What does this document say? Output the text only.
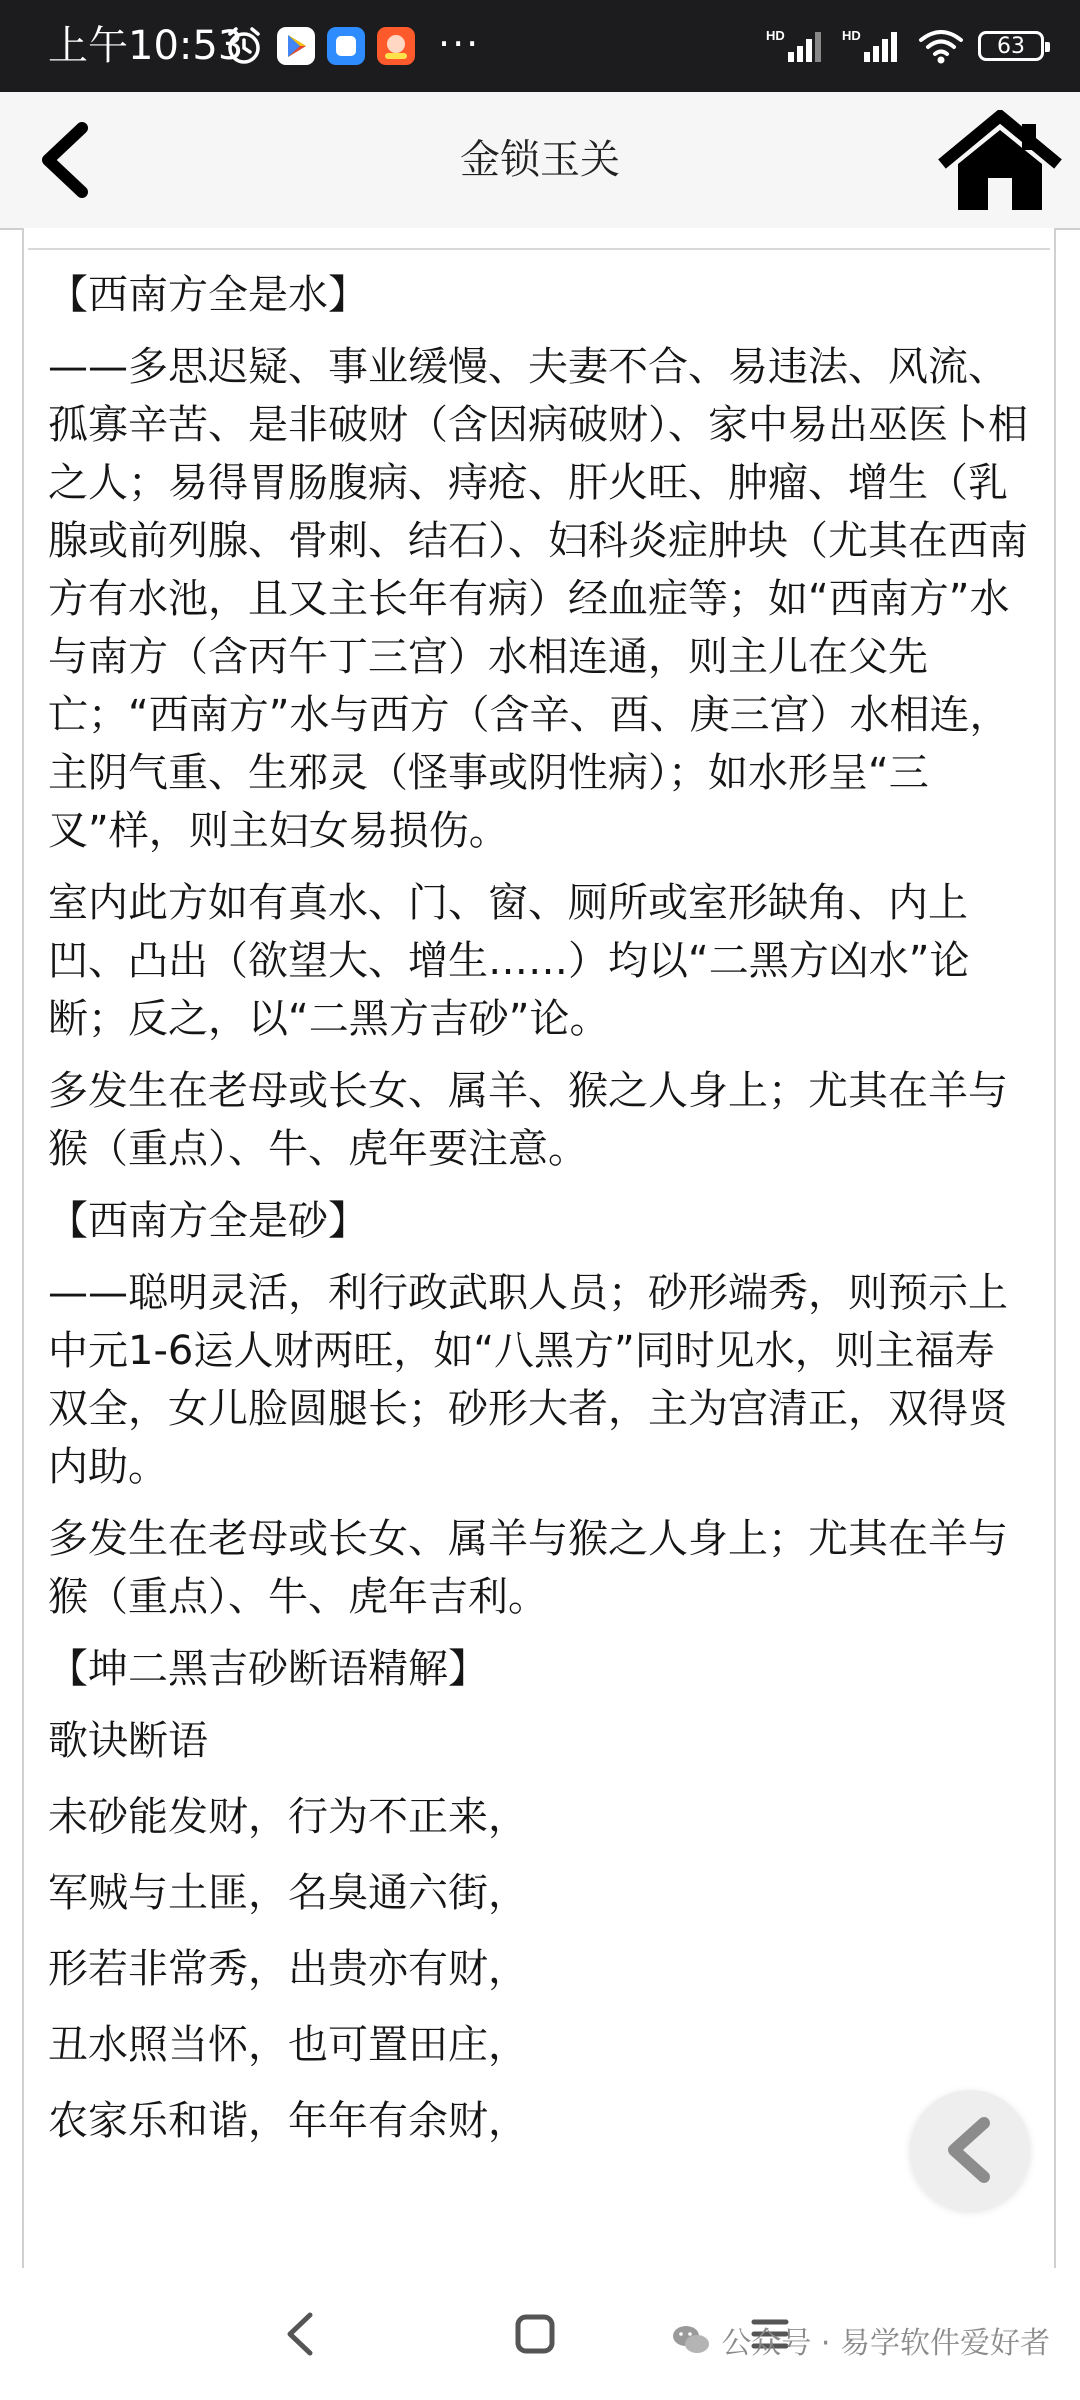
上午10:53	···	HD	HD	63
金锁玉关

【西南方全是水】

——多思迟疑、事业缓慢、夫妻不合、易违法、风流、孤寡辛苦、是非破财（含因病破财）、家中易出巫医卜相之人；易得胃肠腹病、痔疮、肝火旺、肿瘤、增生（乳腺或前列腺、骨刺、结石）、妇科炎症肿块（尤其在西南方有水池，且又主长年有病）经血症等；如“西南方”水与南方（含丙午丁三宫）水相连通，则主儿在父先亡；“西南方”水与西方（含辛、酉、庚三宫）水相连，主阴气重、生邪灵（怪事或阴性病）；如水形呈“三叉”样，则主妇女易损伤。

室内此方如有真水、门、窗、厕所或室形缺角、内上凹、凸出（欲望大、增生……）均以“二黑方凶水”论断；反之，以“二黑方吉砂”论。

多发生在老母或长女、属羊、猴之人身上；尤其在羊与猴（重点）、牛、虎年要注意。

【西南方全是砂】

——聪明灵活，利行政武职人员；砂形端秀，则预示上中元1-6运人财两旺，如“八黑方”同时见水，则主福寿双全，女儿脸圆腿长；砂形大者，主为宫清正，双得贤内助。

多发生在老母或长女、属羊与猴之人身上；尤其在羊与猴（重点）、牛、虎年吉利。

【坤二黑吉砂断语精解】

歌诀断语

未砂能发财，行为不正来，

军贼与土匪，名臭通六街，

形若非常秀，出贵亦有财，

丑水照当怀，也可置田庄，

农家乐和谐，年年有余财，

公众号 · 易学软件爱好者
